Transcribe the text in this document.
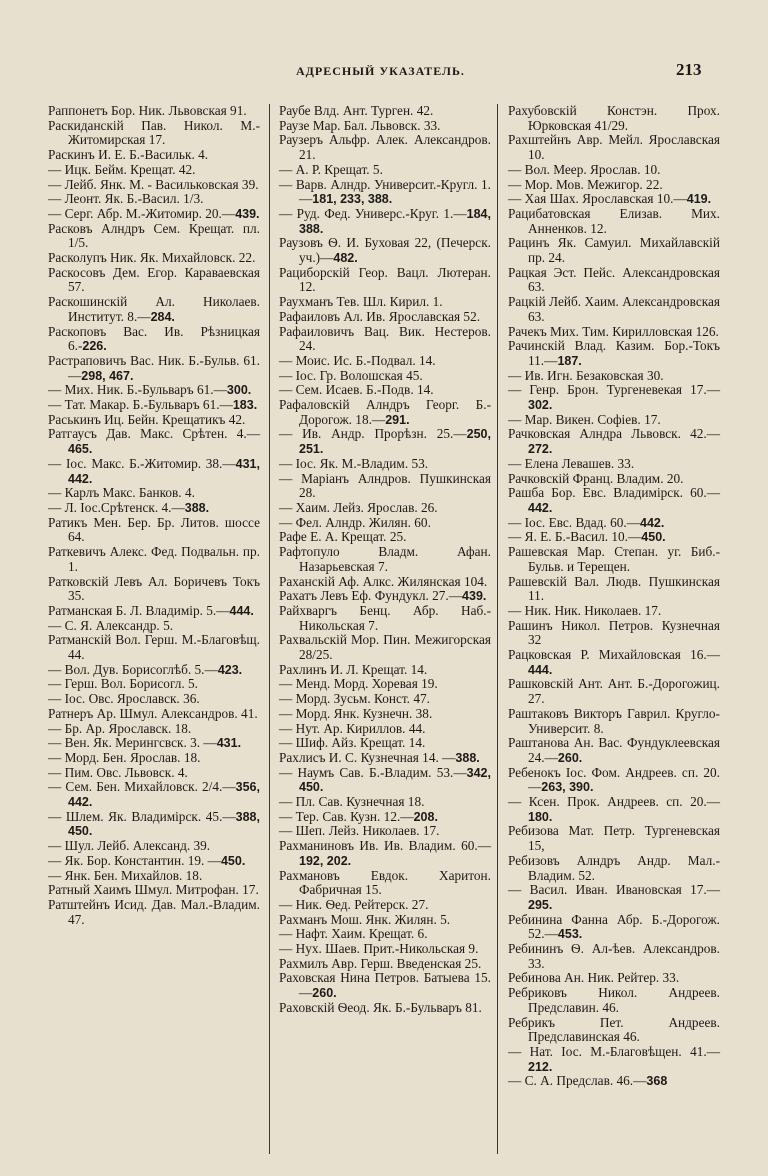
АДРЕСНЫЙ УКАЗАТЕЛЬ.	213

Раппонетъ Бор. Ник. Львовская 91.

Раскиданскій Пав. Никол. М.-Житомирская 17.

Раскинъ И. Е. Б.-Васильк. 4.

— Ицк. Бейм. Крещат. 42.

— Лейб. Янк. М. - Васильковская 39.

— Леонт. Як. Б.-Васил. 1/3.

— Серг. Абр. М.-Житомир. 20.—439.

Расковъ Алндръ Сем. Крещат. пл. 1/5.

Расколупъ Ник. Як. Михайловск. 22.

Раскосовъ Дем. Егор. Караваевская 57.

Раскошинскій Ал. Николаев. Институт. 8.—284.

Раскоповъ Вас. Ив. Рѣзницкая 6.-226.

Растраповичъ Вас. Ник. Б.-Бульв. 61.—298, 467.

— Мих. Ник. Б.-Бульваръ 61.—300.

— Тат. Макар. Б.-Бульваръ 61.—183.

Раськинъ Иц. Бейн. Крещатикъ 42.

Ратгаусъ Дав. Макс. Срѣтен. 4.—465.

— Іос. Макс. Б.-Житомир. 38.—431, 442.

— Карлъ Макс. Банков. 4.

— Л. Іос.Срѣтенск. 4.—388.

Ратикъ Мен. Бер. Бр. Литов. шоссе 64.

Раткевичъ Алекс. Фед. Подвальн. пр. 1.

Ратковскій Левъ Ал. Боричевъ Токъ 35.

Ратманская Б. Л. Владимір. 5.—444.

— С. Я. Александр. 5.

Ратманскій Вол. Герш. М.-Благовѣщ. 44.

— Вол. Дув. Борисоглѣб. 5.—423.

— Герш. Вол. Борисогл. 5.

— Іос. Овс. Ярославск. 36.

Ратнеръ Ар. Шмул. Александров. 41.

— Бр. Ар. Ярославск. 18.

— Вен. Як. Мерингсвск. 3. —431.

— Морд. Бен. Ярослав. 18.

— Пим. Овс. Львовск. 4.

— Сем. Бен. Михайловск. 2/4.—356, 442.

— Шлем. Як. Владимірск. 45.—388, 450.

— Шул. Лейб. Александ. 39.

— Як. Бор. Константин. 19. —450.

— Янк. Бен. Михайлов. 18.

Ратный Хаимъ Шмул. Митрофан. 17.

Ратштейнъ Исид. Дав. Мал.-Владим. 47.

Раубе Влд. Ант. Турген. 42.

Раузе Мар. Бал. Львовск. 33.

Раузеръ Альфр. Алек. Александров. 21.

— А. Р. Крещат. 5.

— Варв. Алндр. Университ.-Кругл. 1.—181, 233, 388.

— Руд. Фед. Универс.-Круг. 1.—184, 388.

Раузовъ Ѳ. И. Буховая 22, (Печерск. уч.)—482.

Рациборскій Геор. Вацл. Лютеран. 12.

Раухманъ Тев. Шл. Кирил. 1.

Рафаиловъ Ал. Ив. Ярославская 52.

Рафаиловичъ Вац. Вик. Нестеров. 24.

— Моис. Ис. Б.-Подвал. 14.

— Іос. Гр. Волошская 45.

— Сем. Исаев. Б.-Подв. 14.

Рафаловскій Алндръ Георг. Б.-Дорогож. 18.—291.

— Ив. Андр. Прорѣзн. 25.—250, 251.

— Іос. Як. М.-Владим. 53.

— Маріанъ Алндров. Пушкинская 28.

— Хаим. Лейз. Ярослав. 26.

— Фел. Алндр. Жилян. 60.

Рафе Е. А. Крещат. 25.

Рафтопуло Владм. Афан. Назарьевская 7.

Раханскій Аф. Алкс. Жилянская 104.

Рахатъ Левъ Еф. Фундукл. 27.—439.

Райхваргъ Бенц. Абр. Наб.-Никольская 7.

Рахвальскій Мор. Пин. Межигорская 28/25.

Рахлинъ И. Л. Крещат. 14.

— Менд. Морд. Хоревая 19.

— Морд. Зусьм. Конст. 47.

— Морд. Янк. Кузнечн. 38.

— Нут. Ар. Кириллов. 44.

— Шиф. Айз. Крещат. 14.

Рахлисъ И. С. Кузнечная 14. —388.

— Наумъ Сав. Б.-Владим. 53.—342, 450.

— Пл. Сав. Кузнечная 18.

— Тер. Сав. Кузн. 12.—208.

— Шеп. Лейз. Николаев. 17.

Рахманиновъ Ив. Ив. Владим. 60.—192, 202.

Рахмановъ Евдок. Харитон. Фабричная 15.

— Ник. Ѳед. Рейтерск. 27.

Рахманъ Мош. Янк. Жилян. 5.

— Нафт. Хаим. Крещат. 6.

— Нух. Шаев. Прит.-Никольская 9.

Рахмилъ Авр. Герш. Введенская 25.

Раховская Нина Петров. Батыева 15.—260.

Раховскій Ѳеод. Як. Б.-Бульваръ 81.

Рахубовскій Констэн. Прох. Юрковская 41/29.

Рахштейнъ Авр. Мейл. Ярославская 10.

— Вол. Меер. Ярослав. 10.

— Мор. Мов. Межигор. 22.

— Хая Шах. Ярославская 10.—419.

Рацибатовская Елизав. Мих. Анненков. 12.

Рацинъ Як. Самуил. Михайлавскій пр. 24.

Рацкая Эст. Пейс. Александровская 63.

Рацкій Лейб. Хаим. Александровская 63.

Рачекъ Мих. Тим. Кирилловская 126.

Рачинскій Влад. Казим. Бор.-Токъ 11.—187.

— Ив. Игн. Безаковская 30.

— Генр. Брон. Тургеневекая 17.—302.

— Мар. Викен. Софіев. 17.

Рачковская Алндра Львовск. 42.—272.

— Елена Левашев. 33.

Рачковскій Франц. Владим. 20.

Рашба Бор. Евс. Владимірск. 60.—442.

— Іос. Евс. Вдад. 60.—442.

— Я. Е. Б.-Васил. 10.—450.

Рашевская Мар. Степан. уг. Биб.-Бульв. и Терещен.

Рашевскій Вал. Людв. Пушкинская 11.

— Ник. Ник. Николаев. 17.

Рашинъ Никол. Петров. Кузнечная 32

Рацковская Р. Михайловская 16.—444.

Рашковскій Ант. Ант. Б.-Дорогожиц. 27.

Раштаковъ Викторъ Гаврил. Кругло-Университ. 8.

Раштанова Ан. Вас. Фундуклеевская 24.—260.

Ребенокъ Іос. Фом. Андреев. сп. 20.—263, 390.

— Ксен. Прок. Андреев. сп. 20.—180.

Ребизова Мат. Петр. Тургеневская 15,

Ребизовъ Алндръ Андр. Мал.-Владим. 52.

— Васил. Иван. Ивановская 17.—295.

Ребинина Фанна Абр. Б.-Дорогож. 52.—453.

Ребининъ Ѳ. Ал-ѣев. Александров. 33.

Ребинова Ан. Ник. Рейтер. 33.

Ребриковъ Никол. Андреев. Предславин. 46.

Ребрикъ Пет. Андреев. Предславинская 46.

— Нат. Іос. М.-Благовѣщен. 41.—212.

— С. А. Предслав. 46.—368
